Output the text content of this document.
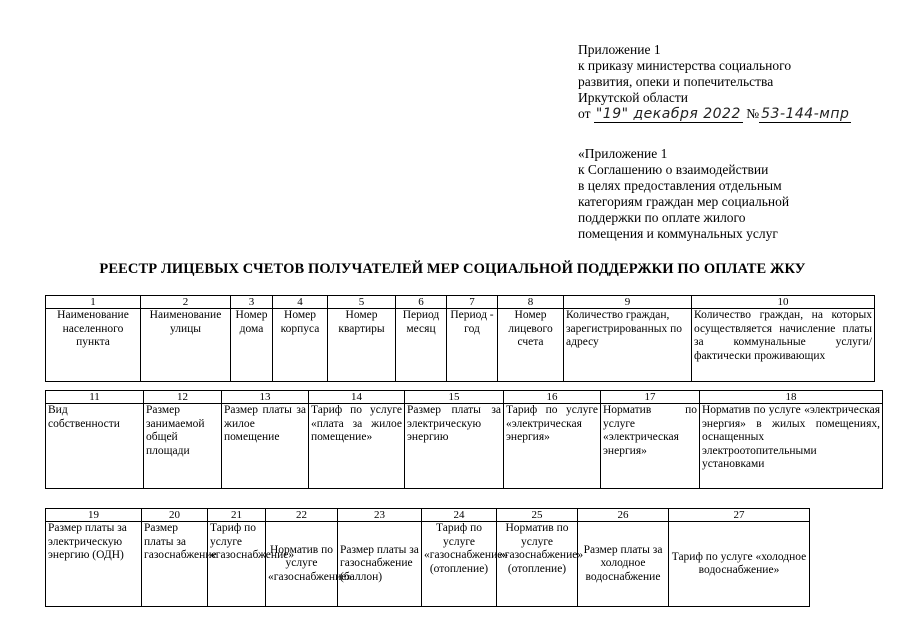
Приложение 1
к приказу министерства социального
развития, опеки и попечительства
Иркутской области
от "19" декабря 2022 № 53-144-мпр
«Приложение 1
к Соглашению о взаимодействии
в целях предоставления отдельным
категориям граждан мер социальной
поддержки по оплате жилого
помещения и коммунальных услуг
РЕЕСТР ЛИЦЕВЫХ СЧЕТОВ ПОЛУЧАТЕЛЕЙ МЕР СОЦИАЛЬНОЙ ПОДДЕРЖКИ ПО ОПЛАТЕ ЖКУ
1	2	3	4	5	6	7	8	9	10
Наименование населенного пункта	Наименование улицы	Номер дома	Номер корпуса	Номер квартиры	Период месяц	Период - год	Номер лицевого счета	Количество граждан, зарегистрированных по адресу	Количество граждан, на которых осуществляется начисление платы за коммунальные услуги/фактически проживающих
11	12	13	14	15	16	17	18
Вид собственности	Размер занимаемой общей площади	Размер платы за жилое помещение	Тариф по услуге «плата за жилое помещение»	Размер платы за электрическую энергию	Тариф по услуге «электрическая энергия»	Норматив по услуге «электрическая энергия»	Норматив по услуге «электрическая энергия» в жилых помещениях, оснащенных электроотопительными установками
19	20	21	22	23	24	25	26	27
Размер платы за электрическую энергию (ОДН)	Размер платы за газоснабжение	Тариф по услуге «газоснабжение»	Норматив по услуге «газоснабжение»	Размер платы за газоснабжение (баллон)	Тариф по услуге «газоснабжение» (отопление)	Норматив по услуге «газоснабжение» (отопление)	Размер платы за холодное водоснабжение	Тариф по услуге «холодное водоснабжение»
